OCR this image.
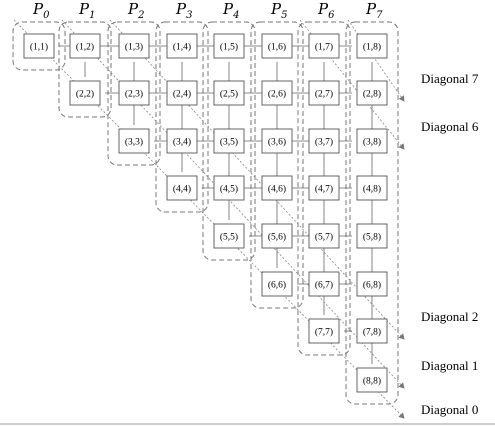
(1,1)	(1,2)	(1,3)	(1,4)	(1,5)	(1,6)	(1,7)	(1,8)
(2,2)	(2,3)	(2,4)	(2,5)	(2,6)	(2,7)	(2,8)
(3,3)	(3,4)	(3,5)	(3,6)	(3,7)	(3,8)
(4,4)	(4,5)	(4,6)	(4,7)	(4,8)
(5,5)	(5,6)	(5,7)	(5,8)
(6,6)	(6,7)	(6,8)
(7,7)	(7,8)
(8,8)
$P_0$ $P_1$ $P_2$ $P_3$ $P_4$ $P_5$ $P_6$ $P_7$
Diagonal 7
Diagonal 6
Diagonal 2
Diagonal 1
Diagonal 0
